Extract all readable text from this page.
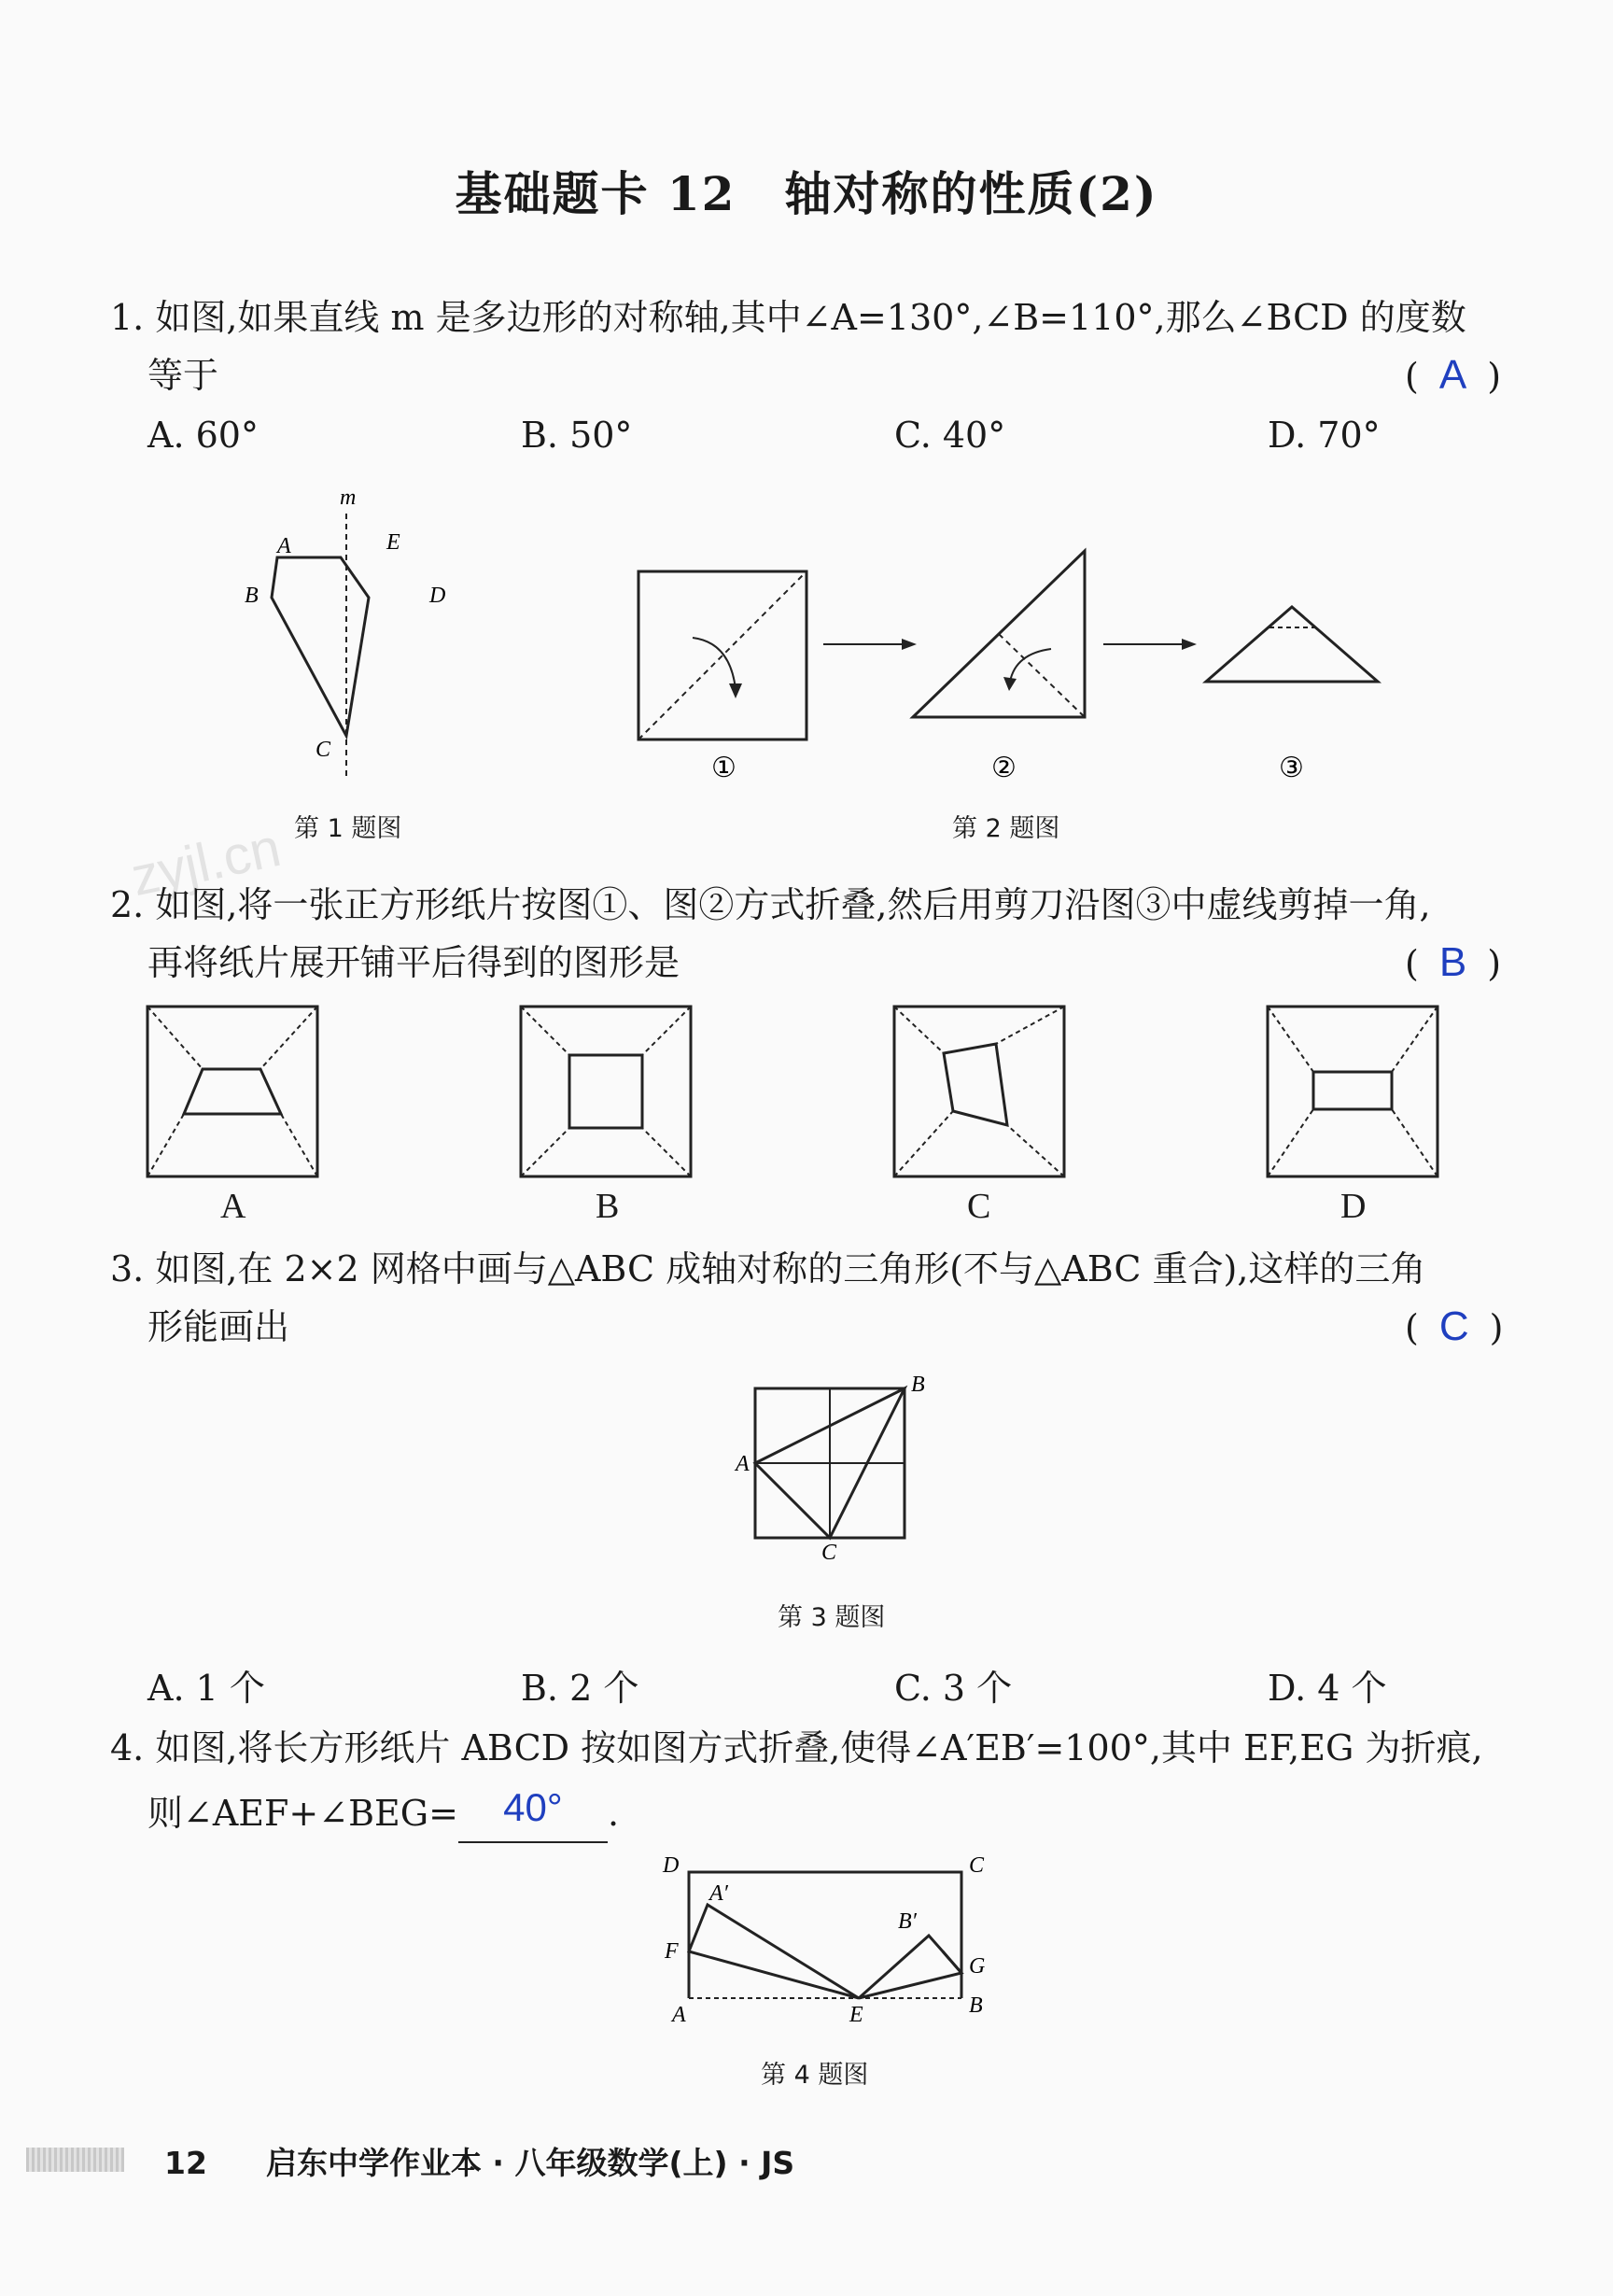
基础题卡 12　轴对称的性质(2)
zyjl.cn
1. 如图,如果直线 m 是多边形的对称轴,其中∠A=130°,∠B=110°,那么∠BCD 的度数
等于	( A )
A. 60°	B. 50°	C. 40°	D. 70°
m
A	E
B	D
C
第 1 题图
①	②	③
第 2 题图
2. 如图,将一张正方形纸片按图①、图②方式折叠,然后用剪刀沿图③中虚线剪掉一角,
再将纸片展开铺平后得到的图形是	( B )
A	B	C	D
3. 如图,在 2×2 网格中画与△ABC 成轴对称的三角形(不与△ABC 重合),这样的三角
形能画出	( C )
B
A
C
第 3 题图
A. 1 个	B. 2 个	C. 3 个	D. 4 个
4. 如图,将长方形纸片 ABCD 按如图方式折叠,使得∠A′EB′=100°,其中 EF,EG 为折痕,
则∠AEF+∠BEG=	40°	.
D	C
A′
B′
F
G
A	E	B
第 4 题图
12 启东中学作业本 · 八年级数学(上) · JS
